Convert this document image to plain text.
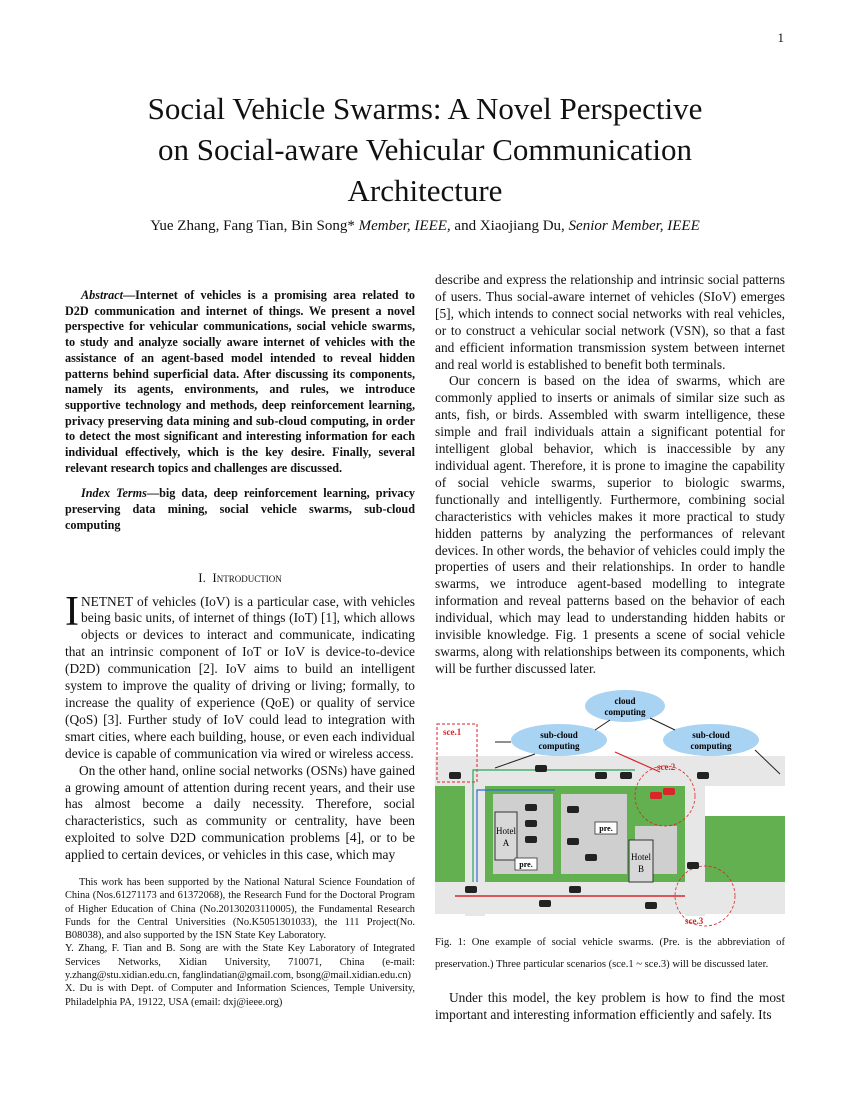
1
Social Vehicle Swarms: A Novel Perspective
on Social-aware Vehicular Communication
Architecture
Yue Zhang, Fang Tian, Bin Song* Member, IEEE, and Xiaojiang Du, Senior Member, IEEE

Abstract—Internet of vehicles is a promising area related to D2D communication and internet of things. We present a novel perspective for vehicular communications, social vehicle swarms, to study and analyze socially aware internet of vehicles with the assistance of an agent-based model intended to reveal hidden patterns behind superficial data. After discussing its components, namely its agents, environments, and rules, we introduce supportive technology and methods, deep reinforcement learning, privacy preserving data mining and sub-cloud computing, in order to detect the most significant and interesting information for each individual effectively, which is the key desire. Finally, several relevant research topics and challenges are discussed.

Index Terms—big data, deep reinforcement learning, privacy preserving data mining, social vehicle swarms, sub-cloud computing

I. Introduction

INETNET of vehicles (IoV) is a particular case, with vehicles being basic units, of internet of things (IoT) [1], which allows objects or devices to interact and communicate, indicating that an intrinsic component of IoT or IoV is device-to-device (D2D) communication [2]. IoV aims to build an intelligent system to improve the quality of driving or living; formally, to increase the quality of experience (QoE) or quality of service (QoS) [3]. Further study of IoV could lead to integration with smart cities, where each building, house, or even each individual device is capable of communication via wired or wireless access.

On the other hand, online social networks (OSNs) have gained a growing amount of attention during recent years, and their use has almost become a daily necessity. Therefore, social characteristics, such as community or centrality, have been exploited to solve D2D communication problems [4], or to be applied to certain devices, or vehicles in this case, which may

This work has been supported by the National Natural Science Foundation of China (Nos.61271173 and 61372068), the Research Fund for the Doctoral Program of Higher Education of China (No.20130203110005), the Fundamental Research Funds for the Central Universities (No.K5051301033), the 111 Project(No. B08038), and also supported by the ISN State Key Laboratory.

Y. Zhang, F. Tian and B. Song are with the State Key Laboratory of Integrated Services Networks, Xidian University, 710071, China (e-mail: y.zhang@stu.xidian.edu.cn, fanglindatian@gmail.com, bsong@mail.xidian.edu.cn)

X. Du is with Dept. of Computer and Information Sciences, Temple University, Philadelphia PA, 19122, USA (email: dxj@ieee.org)

describe and express the relationship and intrinsic social patterns of users. Thus social-aware internet of vehicles (SIoV) emerges [5], which intends to connect social networks with real vehicles, or to construct a vehicular social network (VSN), so that a fast and efficient information transmission system between internet and real world is established to benefit both terminals.

Our concern is based on the idea of swarms, which are commonly applied to inserts or animals of similar size such as ants, fish, or birds. Assembled with swarm intelligence, these simple and frail individuals attain a significant potential for intelligent global behavior, which is inaccessible by any individual agent. Therefore, it is prone to imagine the capability of social vehicle swarms, superior to biologic swarms, functionally and intelligently. Furthermore, combining social characteristics with vehicles makes it more practical to study hidden patterns by analyzing the performances of relevant devices. In other words, the behavior of vehicles could imply the properties of users and their relationships. In order to handle swarms, we introduce agent-based modelling to integrate information and reveal patterns based on the behavior of each individual, which may lead to understanding hidden habits or invisible knowledge. Fig. 1 presents a scene of social vehicle swarms, along with relationships between its components, which will be further discussed later.

Hotel
A
Hotel
B
pre.
pre.
cloud
computing
sub-cloud
computing
sub-cloud
computing
sce.1
sce.2
sce.3

Fig. 1: One example of social vehicle swarms. (Pre. is the abbreviation of preservation.) Three particular scenarios (sce.1 ~ sce.3) will be discussed later.

Under this model, the key problem is how to find the most important and interesting information efficiently and safely. Its
